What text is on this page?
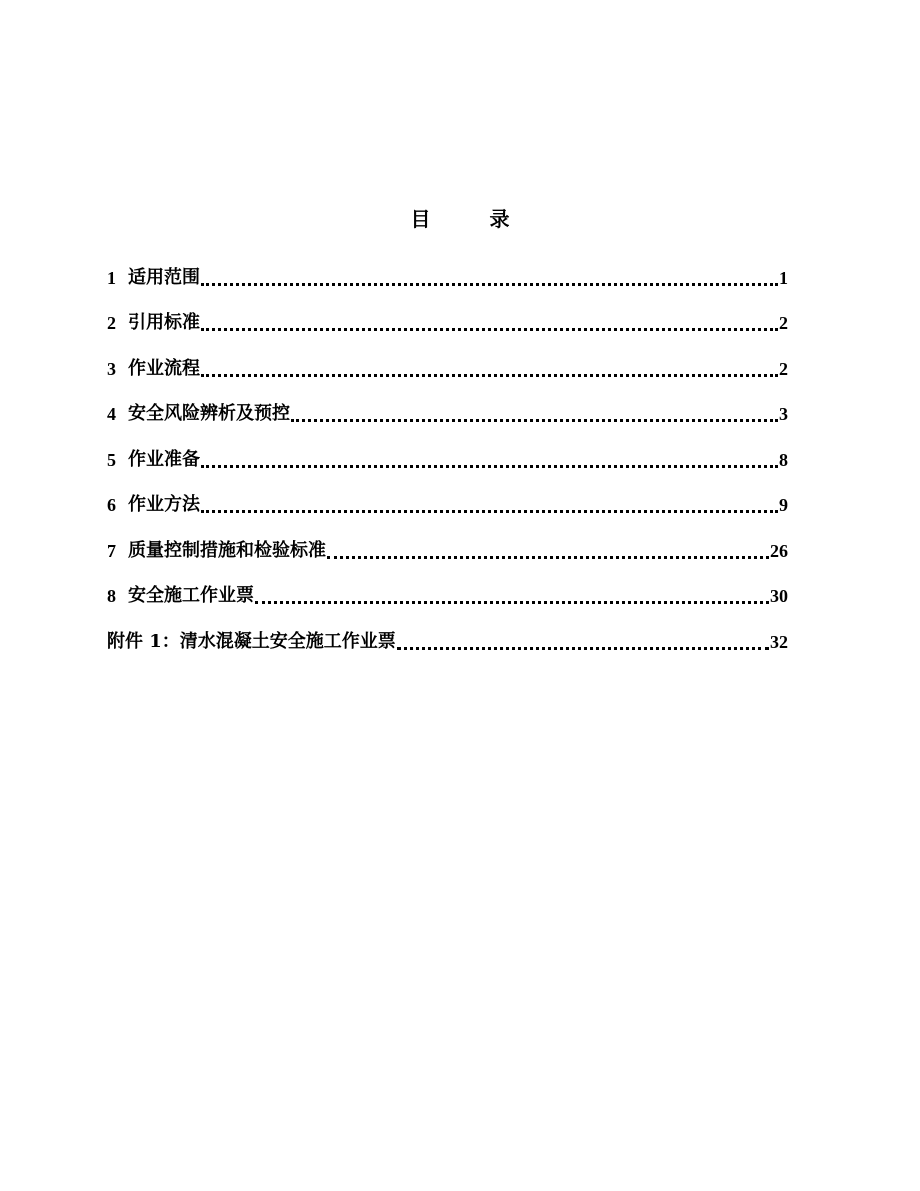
目 录
1 适用范围	1
2 引用标准	2
3 作业流程	2
4 安全风险辨析及预控	3
5 作业准备	8
6 作业方法	9
7 质量控制措施和检验标准	26
8 安全施工作业票	30
附件 1：清水混凝土安全施工作业票	32
